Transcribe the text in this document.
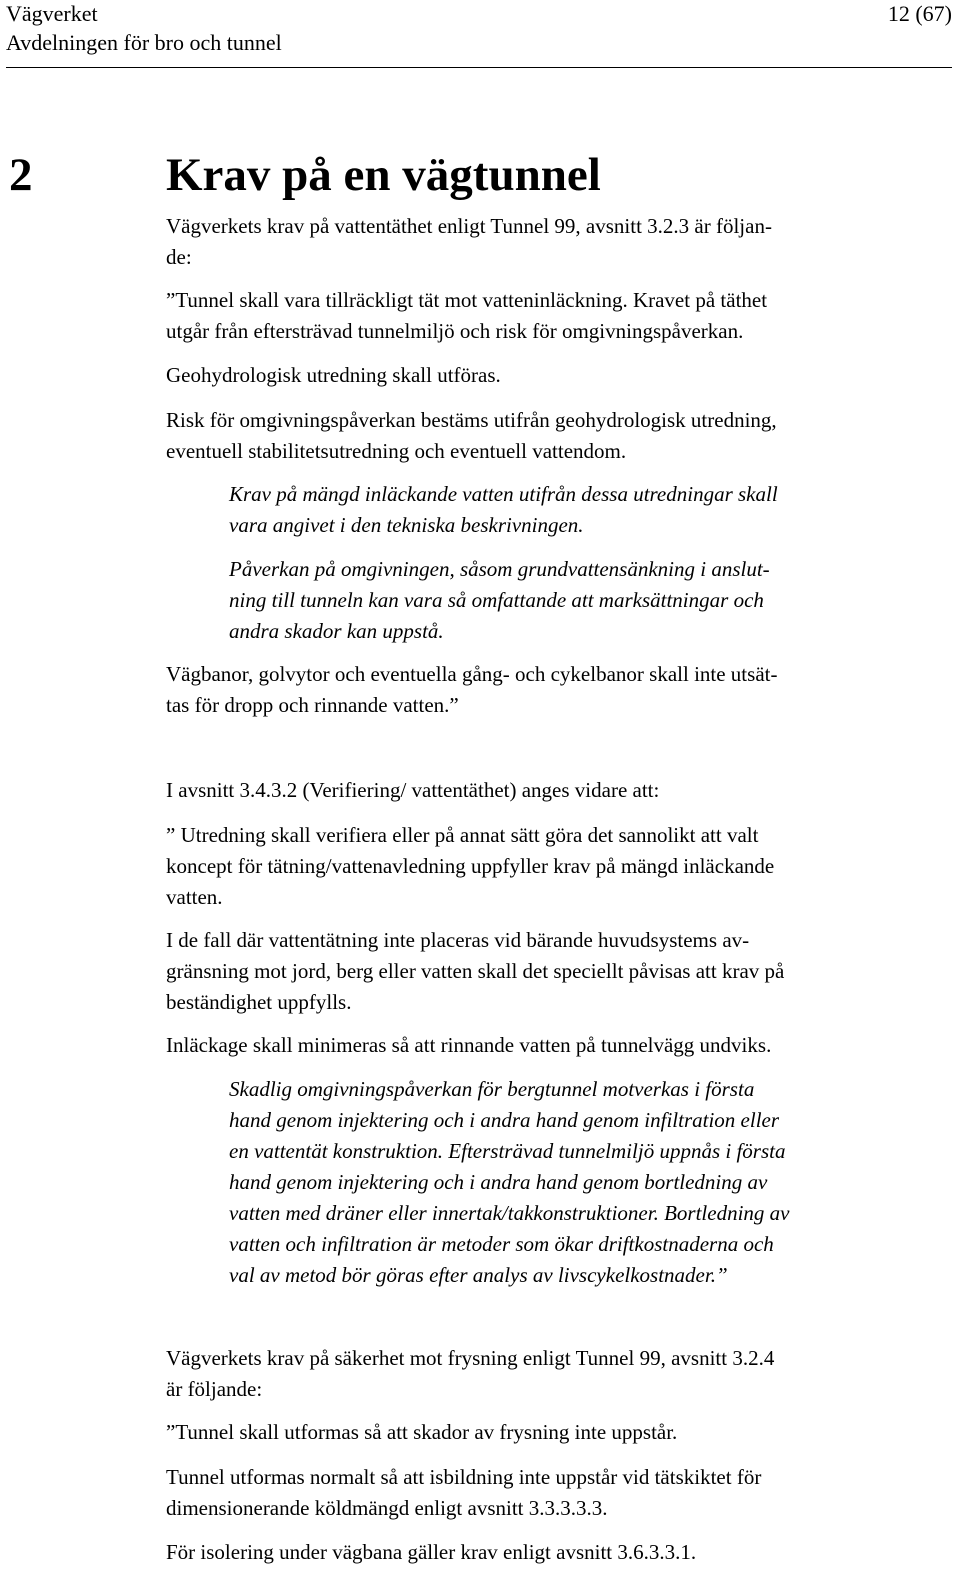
Vägverket
Avdelningen för bro och tunnel
12 (67)
2	Krav på en vägtunnel
Vägverkets krav på vattentäthet enligt Tunnel 99, avsnitt 3.2.3 är följan-
de:
”Tunnel skall vara tillräckligt tät mot vatteninläckning. Kravet på täthet
utgår från eftersträvad tunnelmiljö och risk för omgivningspåverkan.
Geohydrologisk utredning skall utföras.
Risk för omgivningspåverkan bestäms utifrån geohydrologisk utredning,
eventuell stabilitetsutredning och eventuell vattendom.
Krav på mängd inläckande vatten utifrån dessa utredningar skall
vara angivet i den tekniska beskrivningen.
Påverkan på omgivningen, såsom grundvattensänkning i anslut-
ning till tunneln kan vara så omfattande att marksättningar och
andra skador kan uppstå.
Vägbanor, golvytor och eventuella gång- och cykelbanor skall inte utsät-
tas för dropp och rinnande vatten.”
I avsnitt 3.4.3.2 (Verifiering/ vattentäthet) anges vidare att:
” Utredning skall verifiera eller på annat sätt göra det sannolikt att valt
koncept för tätning/vattenavledning uppfyller krav på mängd inläckande
vatten.
I de fall där vattentätning inte placeras vid bärande huvudsystems av-
gränsning mot jord, berg eller vatten skall det speciellt påvisas att krav på
beständighet uppfylls.
Inläckage skall minimeras så att rinnande vatten på tunnelvägg undviks.
Skadlig omgivningspåverkan för bergtunnel motverkas i första
hand genom injektering och i andra hand genom infiltration eller
en vattentät konstruktion. Eftersträvad tunnelmiljö uppnås i första
hand genom injektering och i andra hand genom bortledning av
vatten med dräner eller innertak/takkonstruktioner. Bortledning av
vatten och infiltration är metoder som ökar driftkostnaderna och
val av metod bör göras efter analys av livscykelkostnader.”
Vägverkets krav på säkerhet mot frysning enligt Tunnel 99, avsnitt 3.2.4
är följande:
”Tunnel skall utformas så att skador av frysning inte uppstår.
Tunnel utformas normalt så att isbildning inte uppstår vid tätskiktet för
dimensionerande köldmängd enligt avsnitt 3.3.3.3.3.
För isolering under vägbana gäller krav enligt avsnitt 3.6.3.3.1.
